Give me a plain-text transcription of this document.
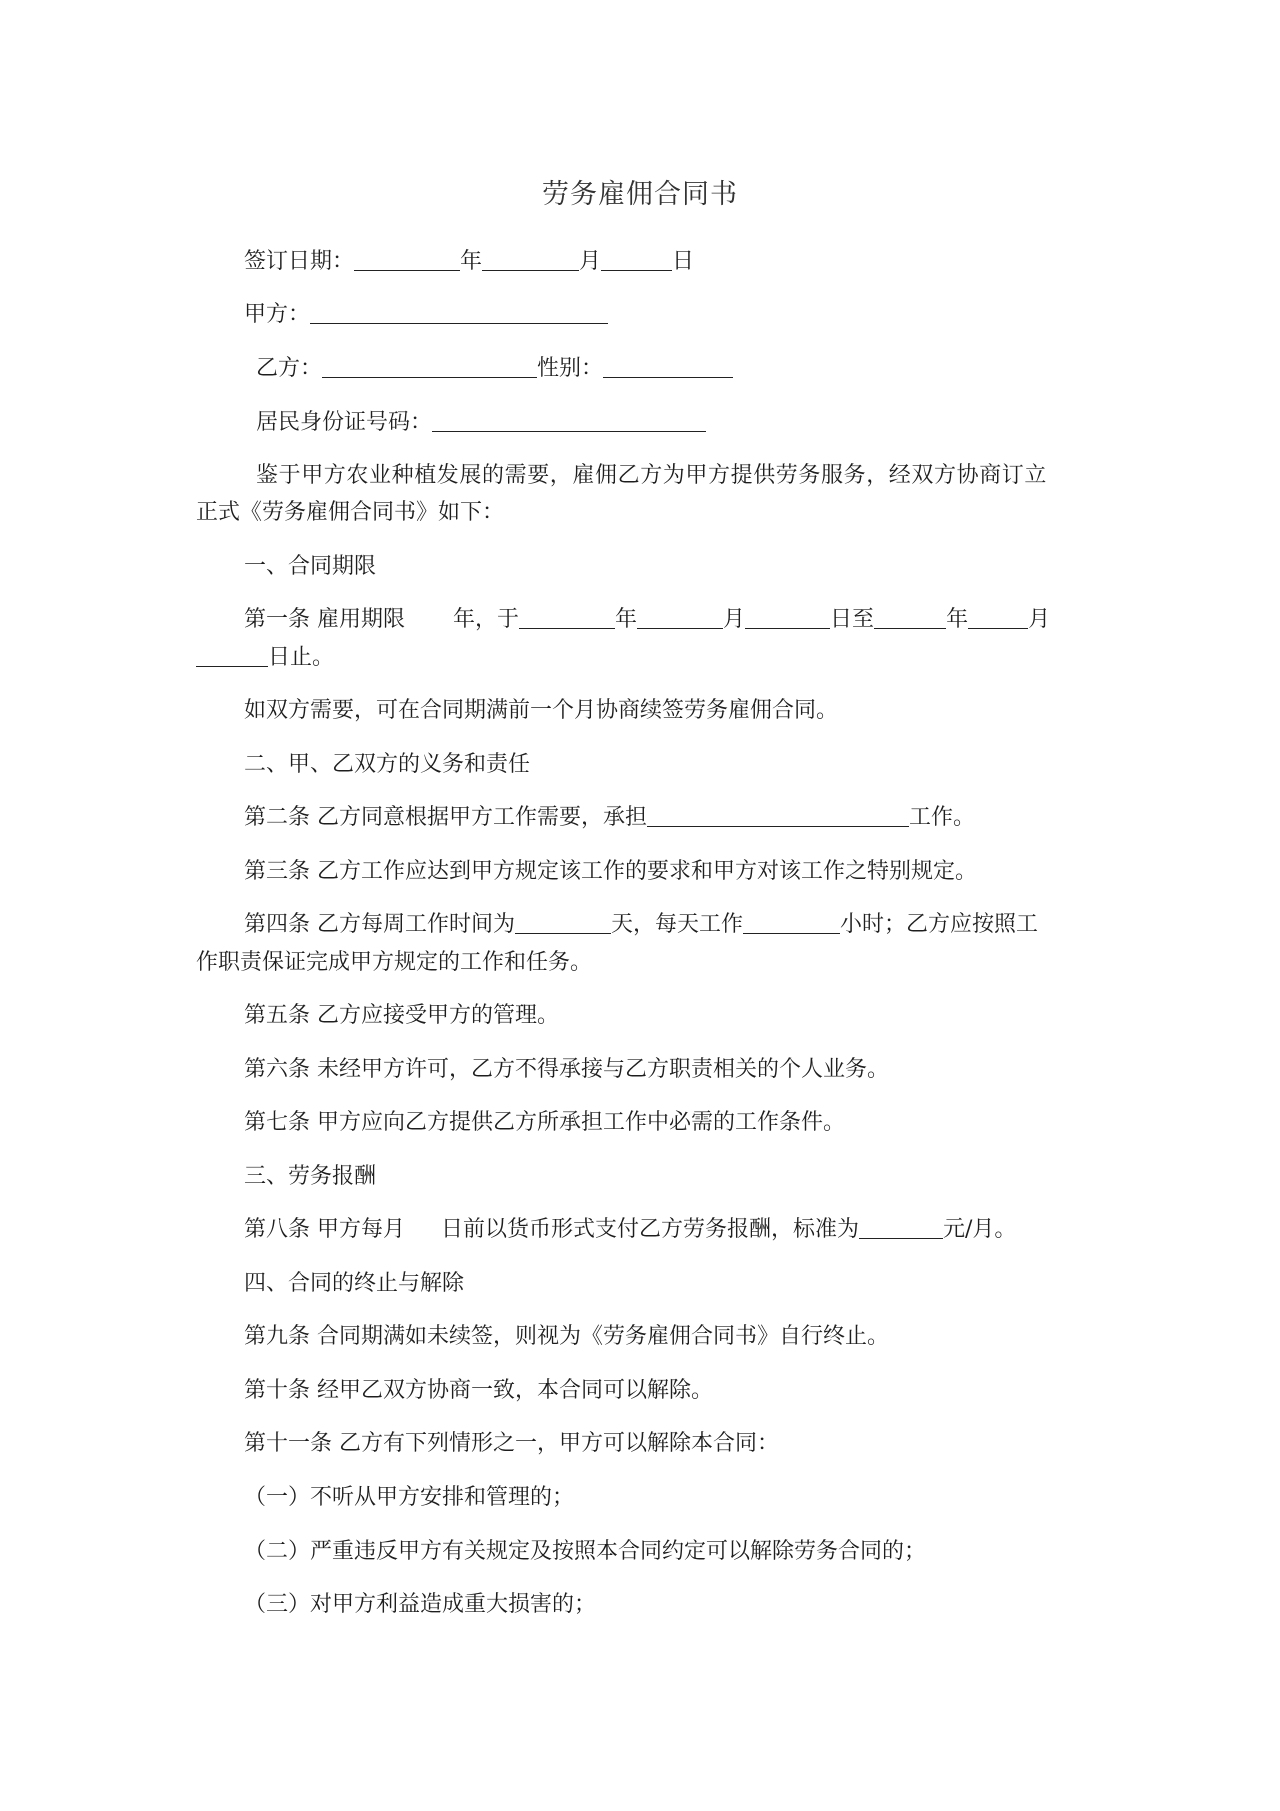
劳务雇佣合同书
签订日期：	年	月	日
甲方：
乙方：	性别：
居民身份证号码：
鉴于甲方农业种植发展的需要，雇佣乙方为甲方提供劳务服务，经双方协商订立
正式《劳务雇佣合同书》如下：
一、合同期限
第一条 雇用期限 年，于	年	月	日至	年	月
日止。
如双方需要，可在合同期满前一个月协商续签劳务雇佣合同。
二、甲、乙双方的义务和责任
第二条 乙方同意根据甲方工作需要，承担	工作。
第三条 乙方工作应达到甲方规定该工作的要求和甲方对该工作之特别规定。
第四条 乙方每周工作时间为	天，每天工作	小时；乙方应按照工
作职责保证完成甲方规定的工作和任务。
第五条 乙方应接受甲方的管理。
第六条 未经甲方许可，乙方不得承接与乙方职责相关的个人业务。
第七条 甲方应向乙方提供乙方所承担工作中必需的工作条件。
三、劳务报酬
第八条 甲方每月 日前以货币形式支付乙方劳务报酬，标准为	元/月。
四、合同的终止与解除
第九条 合同期满如未续签，则视为《劳务雇佣合同书》自行终止。
第十条 经甲乙双方协商一致，本合同可以解除。
第十一条 乙方有下列情形之一，甲方可以解除本合同：
（一）不听从甲方安排和管理的；
（二）严重违反甲方有关规定及按照本合同约定可以解除劳务合同的；
（三）对甲方利益造成重大损害的；
